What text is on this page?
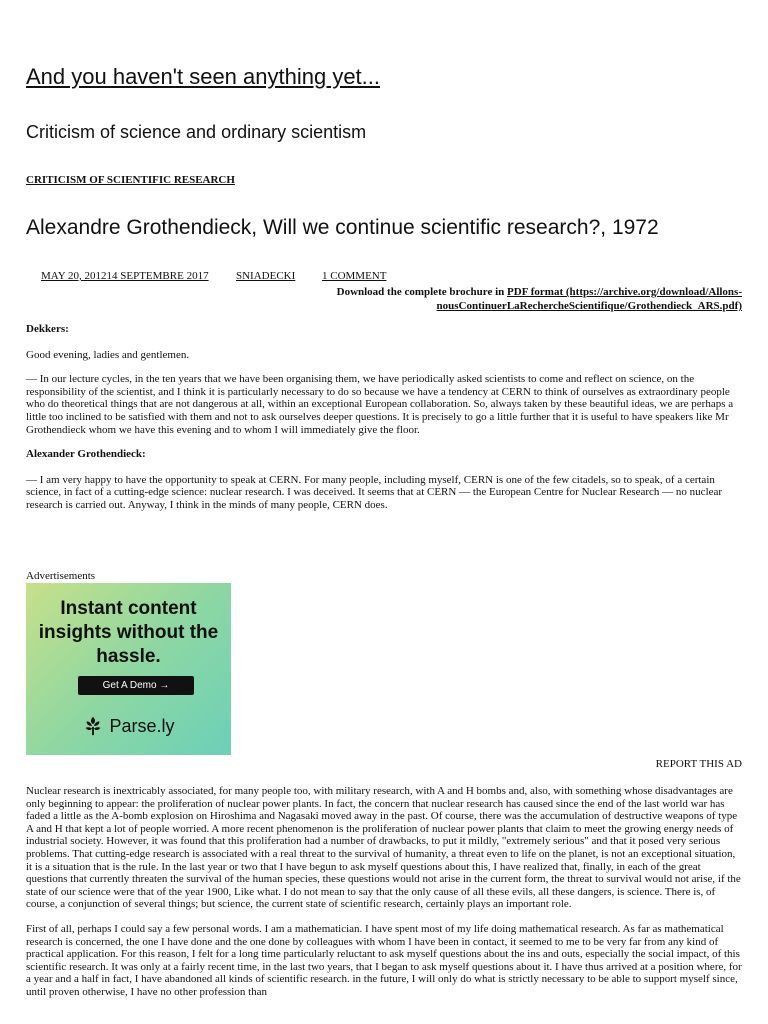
And you haven't seen anything yet...
Criticism of science and ordinary scientism
CRITICISM OF SCIENTIFIC RESEARCH
Alexandre Grothendieck, Will we continue scientific research?, 1972
MAY 20, 201214 SEPTEMBRE 2017 SNIADECKI 1 COMMENT
Download the complete brochure in PDF format (https://archive.org/download/Allons-nousContinuerLaRechercheScientifique/Grothendieck_ARS.pdf)

Dekkers:

Good evening, ladies and gentlemen.

— In our lecture cycles, in the ten years that we have been organising them, we have periodically asked scientists to come and reflect on science, on the responsibility of the scientist, and I think it is particularly necessary to do so because we have a tendency at CERN to think of ourselves as extraordinary people who do theoretical things that are not dangerous at all, within an exceptional European collaboration. So, always taken by these beautiful ideas, we are perhaps a little too inclined to be satisfied with them and not to ask ourselves deeper questions. It is precisely to go a little further that it is useful to have speakers like Mr Grothendieck whom we have this evening and to whom I will immediately give the floor.

Alexander Grothendieck:

— I am very happy to have the opportunity to speak at CERN. For many people, including myself, CERN is one of the few citadels, so to speak, of a certain science, in fact of a cutting-edge science: nuclear research. I was deceived. It seems that at CERN — the European Centre for Nuclear Research — no nuclear research is carried out. Anyway, I think in the minds of many people, CERN does.

Advertisements
Instant content insights without the hassle.
Get A Demo →
Parse.ly
REPORT THIS AD

Nuclear research is inextricably associated, for many people too, with military research, with A and H bombs and, also, with something whose disadvantages are only beginning to appear: the proliferation of nuclear power plants. In fact, the concern that nuclear research has caused since the end of the last world war has faded a little as the A-bomb explosion on Hiroshima and Nagasaki moved away in the past. Of course, there was the accumulation of destructive weapons of type A and H that kept a lot of people worried. A more recent phenomenon is the proliferation of nuclear power plants that claim to meet the growing energy needs of industrial society. However, it was found that this proliferation had a number of drawbacks, to put it mildly, "extremely serious" and that it posed very serious problems. That cutting-edge research is associated with a real threat to the survival of humanity, a threat even to life on the planet, is not an exceptional situation, it is a situation that is the rule. In the last year or two that I have begun to ask myself questions about this, I have realized that, finally, in each of the great questions that currently threaten the survival of the human species, these questions would not arise in the current form, the threat to survival would not arise, if the state of our science were that of the year 1900, Like what. I do not mean to say that the only cause of all these evils, all these dangers, is science. There is, of course, a conjunction of several things; but science, the current state of scientific research, certainly plays an important role.

First of all, perhaps I could say a few personal words. I am a mathematician. I have spent most of my life doing mathematical research. As far as mathematical research is concerned, the one I have done and the one done by colleagues with whom I have been in contact, it seemed to me to be very far from any kind of practical application. For this reason, I felt for a long time particularly reluctant to ask myself questions about the ins and outs, especially the social impact, of this scientific research. It was only at a fairly recent time, in the last two years, that I began to ask myself questions about it. I have thus arrived at a position where, for a year and a half in fact, I have abandoned all kinds of scientific research. in the future, I will only do what is strictly necessary to be able to support myself since, until proven otherwise, I have no other profession than
